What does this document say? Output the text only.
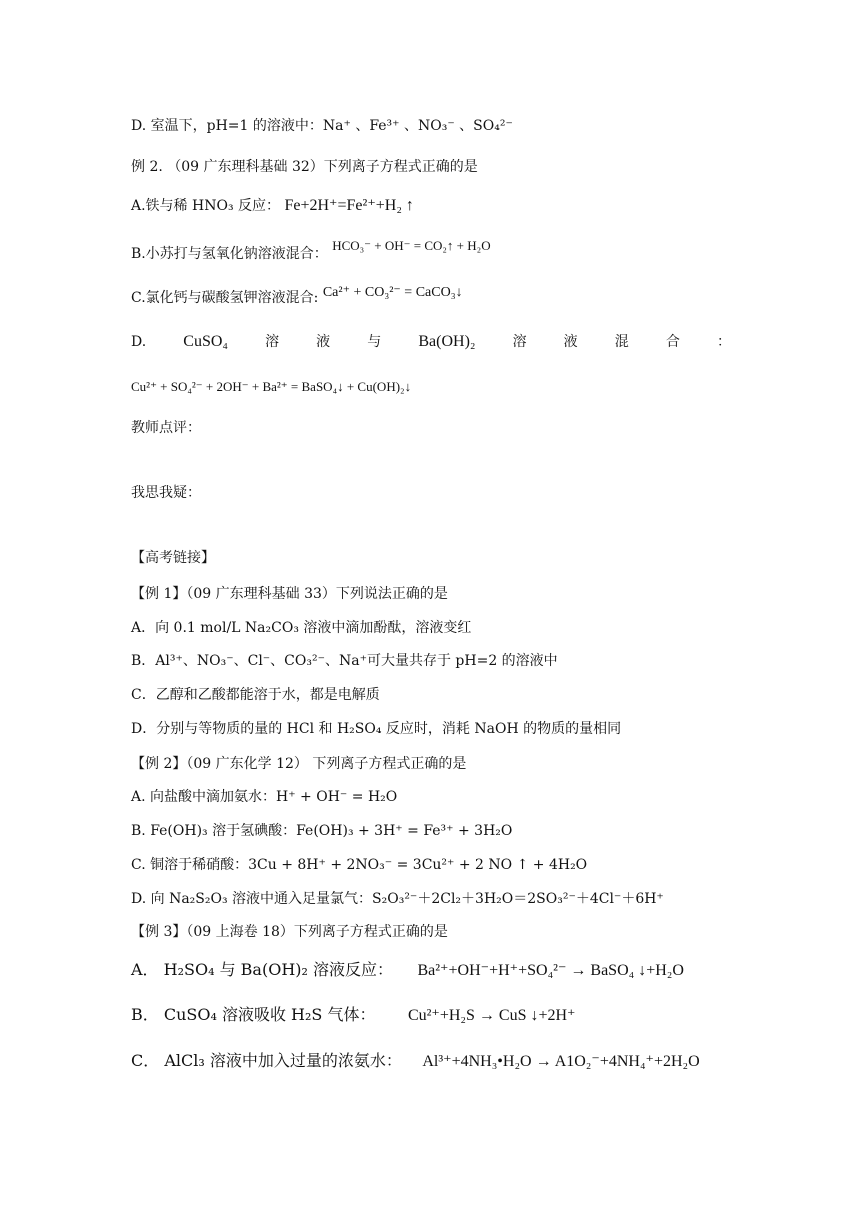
D. 室温下，pH=1 的溶液中：Na⁺ 、Fe³⁺ 、NO₃⁻ 、SO₄²⁻
例 2. （09 广东理科基础 32）下列离子方程式正确的是
A.铁与稀 HNO₃ 反应： Fe+2H⁺=Fe²⁺+H₂ ↑
B.小苏打与氢氧化钠溶液混合： HCO₃⁻ + OH⁻ = CO₂↑ + H₂O
C.氯化钙与碳酸氢钾溶液混合: Ca²⁺ + CO₃²⁻ = CaCO₃↓
D. CuSO₄	溶	液	与 Ba(OH)₂	溶	液	混	合	：
Cu²⁺ + SO₄²⁻ + 2OH⁻ + Ba²⁺ = BaSO₄↓ + Cu(OH)₂↓
教师点评：
我思我疑：
【高考链接】
【例 1】（09 广东理科基础 33）下列说法正确的是
A．向 0.1 mol/L Na₂CO₃ 溶液中滴加酚酞，溶液变红
B．Al³⁺、NO₃⁻、Cl⁻、CO₃²⁻、Na⁺可大量共存于 pH=2 的溶液中
C．乙醇和乙酸都能溶于水，都是电解质
D．分别与等物质的量的 HCl 和 H₂SO₄ 反应时，消耗 NaOH 的物质的量相同
【例 2】（09 广东化学 12） 下列离子方程式正确的是
A. 向盐酸中滴加氨水：H⁺ + OH⁻ = H₂O
B. Fe(OH)₃ 溶于氢碘酸：Fe(OH)₃ + 3H⁺ = Fe³⁺ + 3H₂O
C. 铜溶于稀硝酸：3Cu + 8H⁺ + 2NO₃⁻ = 3Cu²⁺ + 2 NO ↑ + 4H₂O
D. 向 Na₂S₂O₃ 溶液中通入足量氯气：S₂O₃²⁻＋2Cl₂＋3H₂O＝2SO₃²⁻＋4Cl⁻＋6H⁺
【例 3】（09 上海卷 18）下列离子方程式正确的是
A． H₂SO₄ 与 Ba(OH)₂ 溶液反应： Ba²⁺+OH⁻+H⁺+SO₄²⁻ → BaSO₄ ↓+H₂O
B． CuSO₄ 溶液吸收 H₂S 气体： Cu²⁺+H₂S → CuS ↓+2H⁺
C． AlCl₃ 溶液中加入过量的浓氨水： Al³⁺+4NH₃•H₂O → A1O₂⁻+4NH₄⁺+2H₂O
